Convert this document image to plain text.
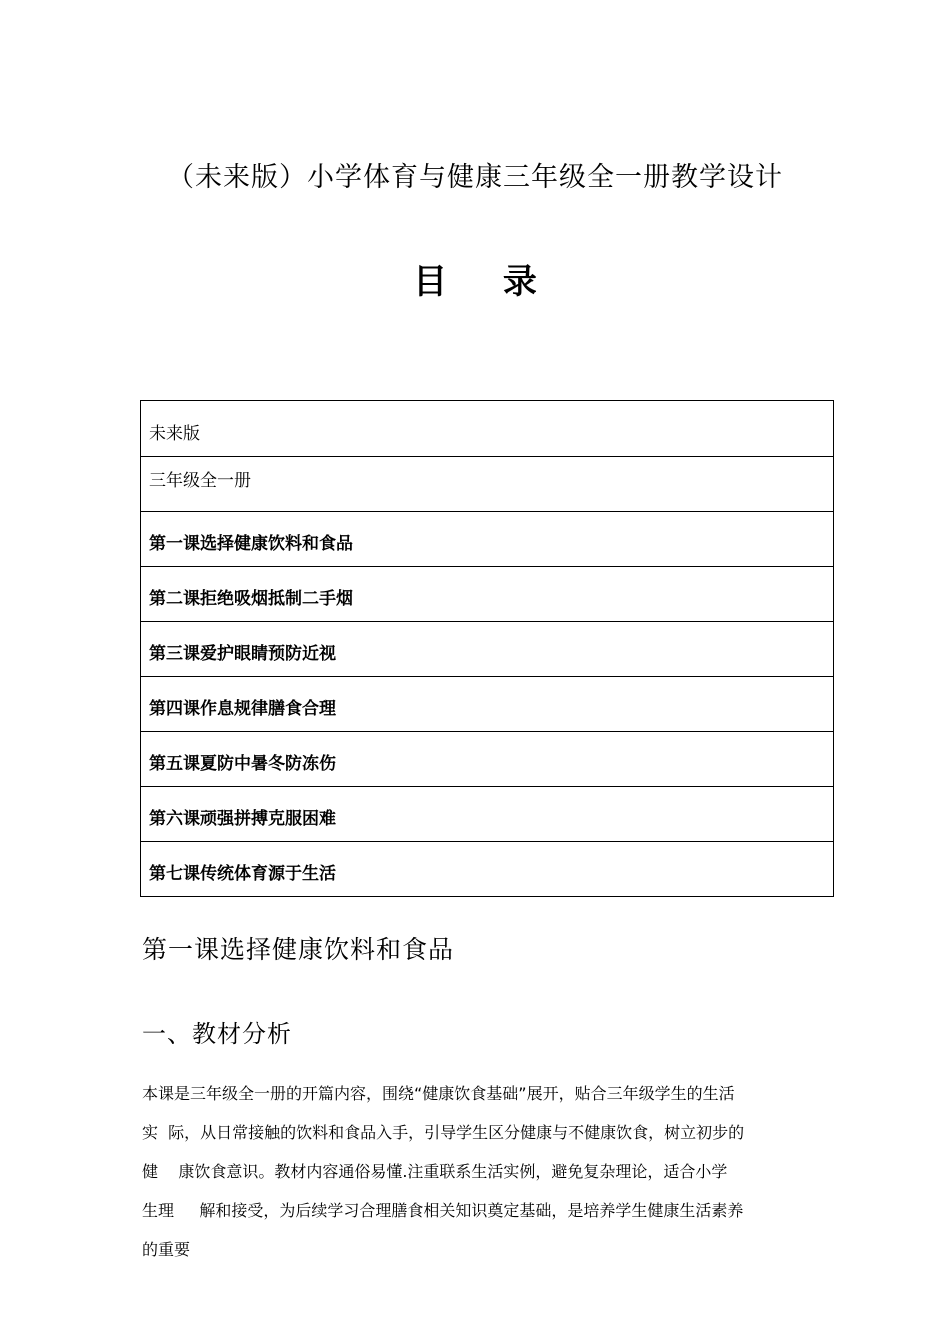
（未来版）小学体育与健康三年级全一册教学设计
目 录
未来版
三年级全一册
第一课选择健康饮料和食品
第二课拒绝吸烟抵制二手烟
第三课爱护眼睛预防近视
第四课作息规律膳食合理
第五课夏防中暑冬防冻伤
第六课顽强拼搏克服困难
第七课传统体育源于生活
第一课选择健康饮料和食品
一、教材分析
本课是三年级全一册的开篇内容，围绕“健康饮食基础”展开，贴合三年级学生的生活
实  际，从日常接触的饮料和食品入手，引导学生区分健康与不健康饮食，树立初步的
健    康饮食意识。教材内容通俗易懂.注重联系生活实例，避免复杂理论，适合小学
生理     解和接受，为后续学习合理膳食相关知识奠定基础，是培养学生健康生活素养
的重要
